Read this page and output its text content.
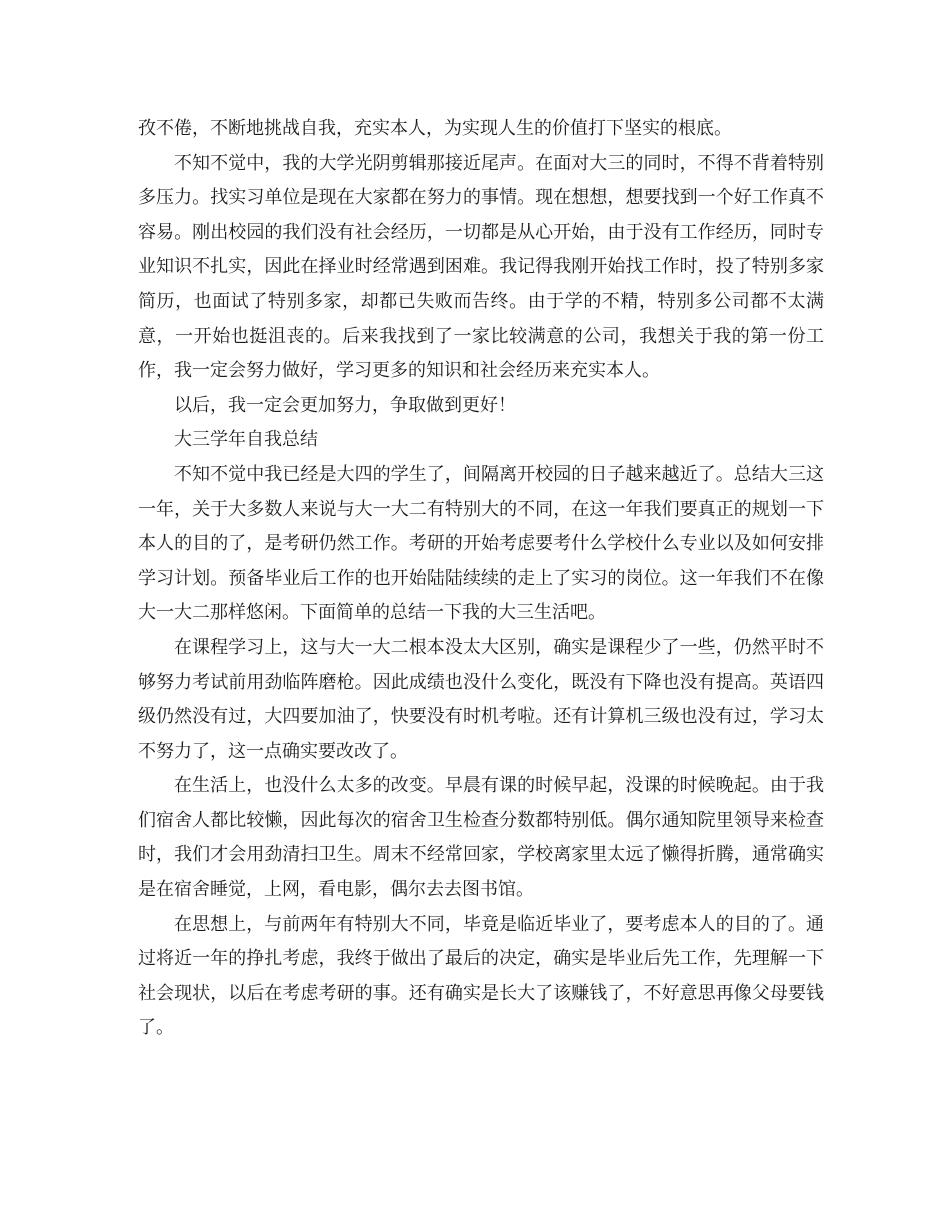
孜不倦，不断地挑战自我，充实本人，为实现人生的价值打下坚实的根底。

不知不觉中，我的大学光阴剪辑那接近尾声。在面对大三的同时，不得不背着特别多压力。找实习单位是现在大家都在努力的事情。现在想想，想要找到一个好工作真不容易。刚出校园的我们没有社会经历，一切都是从心开始，由于没有工作经历，同时专业知识不扎实，因此在择业时经常遇到困难。我记得我刚开始找工作时，投了特别多家简历，也面试了特别多家，却都已失败而告终。由于学的不精，特别多公司都不太满意，一开始也挺沮丧的。后来我找到了一家比较满意的公司，我想关于我的第一份工作，我一定会努力做好，学习更多的知识和社会经历来充实本人。

以后，我一定会更加努力，争取做到更好！

大三学年自我总结

不知不觉中我已经是大四的学生了，间隔离开校园的日子越来越近了。总结大三这一年，关于大多数人来说与大一大二有特别大的不同，在这一年我们要真正的规划一下本人的目的了，是考研仍然工作。考研的开始考虑要考什么学校什么专业以及如何安排学习计划。预备毕业后工作的也开始陆陆续续的走上了实习的岗位。这一年我们不在像大一大二那样悠闲。下面简单的总结一下我的大三生活吧。

在课程学习上，这与大一大二根本没太大区别，确实是课程少了一些，仍然平时不够努力考试前用劲临阵磨枪。因此成绩也没什么变化，既没有下降也没有提高。英语四级仍然没有过，大四要加油了，快要没有时机考啦。还有计算机三级也没有过，学习太不努力了，这一点确实要改改了。

在生活上，也没什么太多的改变。早晨有课的时候早起，没课的时候晚起。由于我们宿舍人都比较懒，因此每次的宿舍卫生检查分数都特别低。偶尔通知院里领导来检查时，我们才会用劲清扫卫生。周末不经常回家，学校离家里太远了懒得折腾，通常确实是在宿舍睡觉，上网，看电影，偶尔去去图书馆。

在思想上，与前两年有特别大不同，毕竟是临近毕业了，要考虑本人的目的了。通过将近一年的挣扎考虑，我终于做出了最后的决定，确实是毕业后先工作，先理解一下社会现状，以后在考虑考研的事。还有确实是长大了该赚钱了，不好意思再像父母要钱了。
